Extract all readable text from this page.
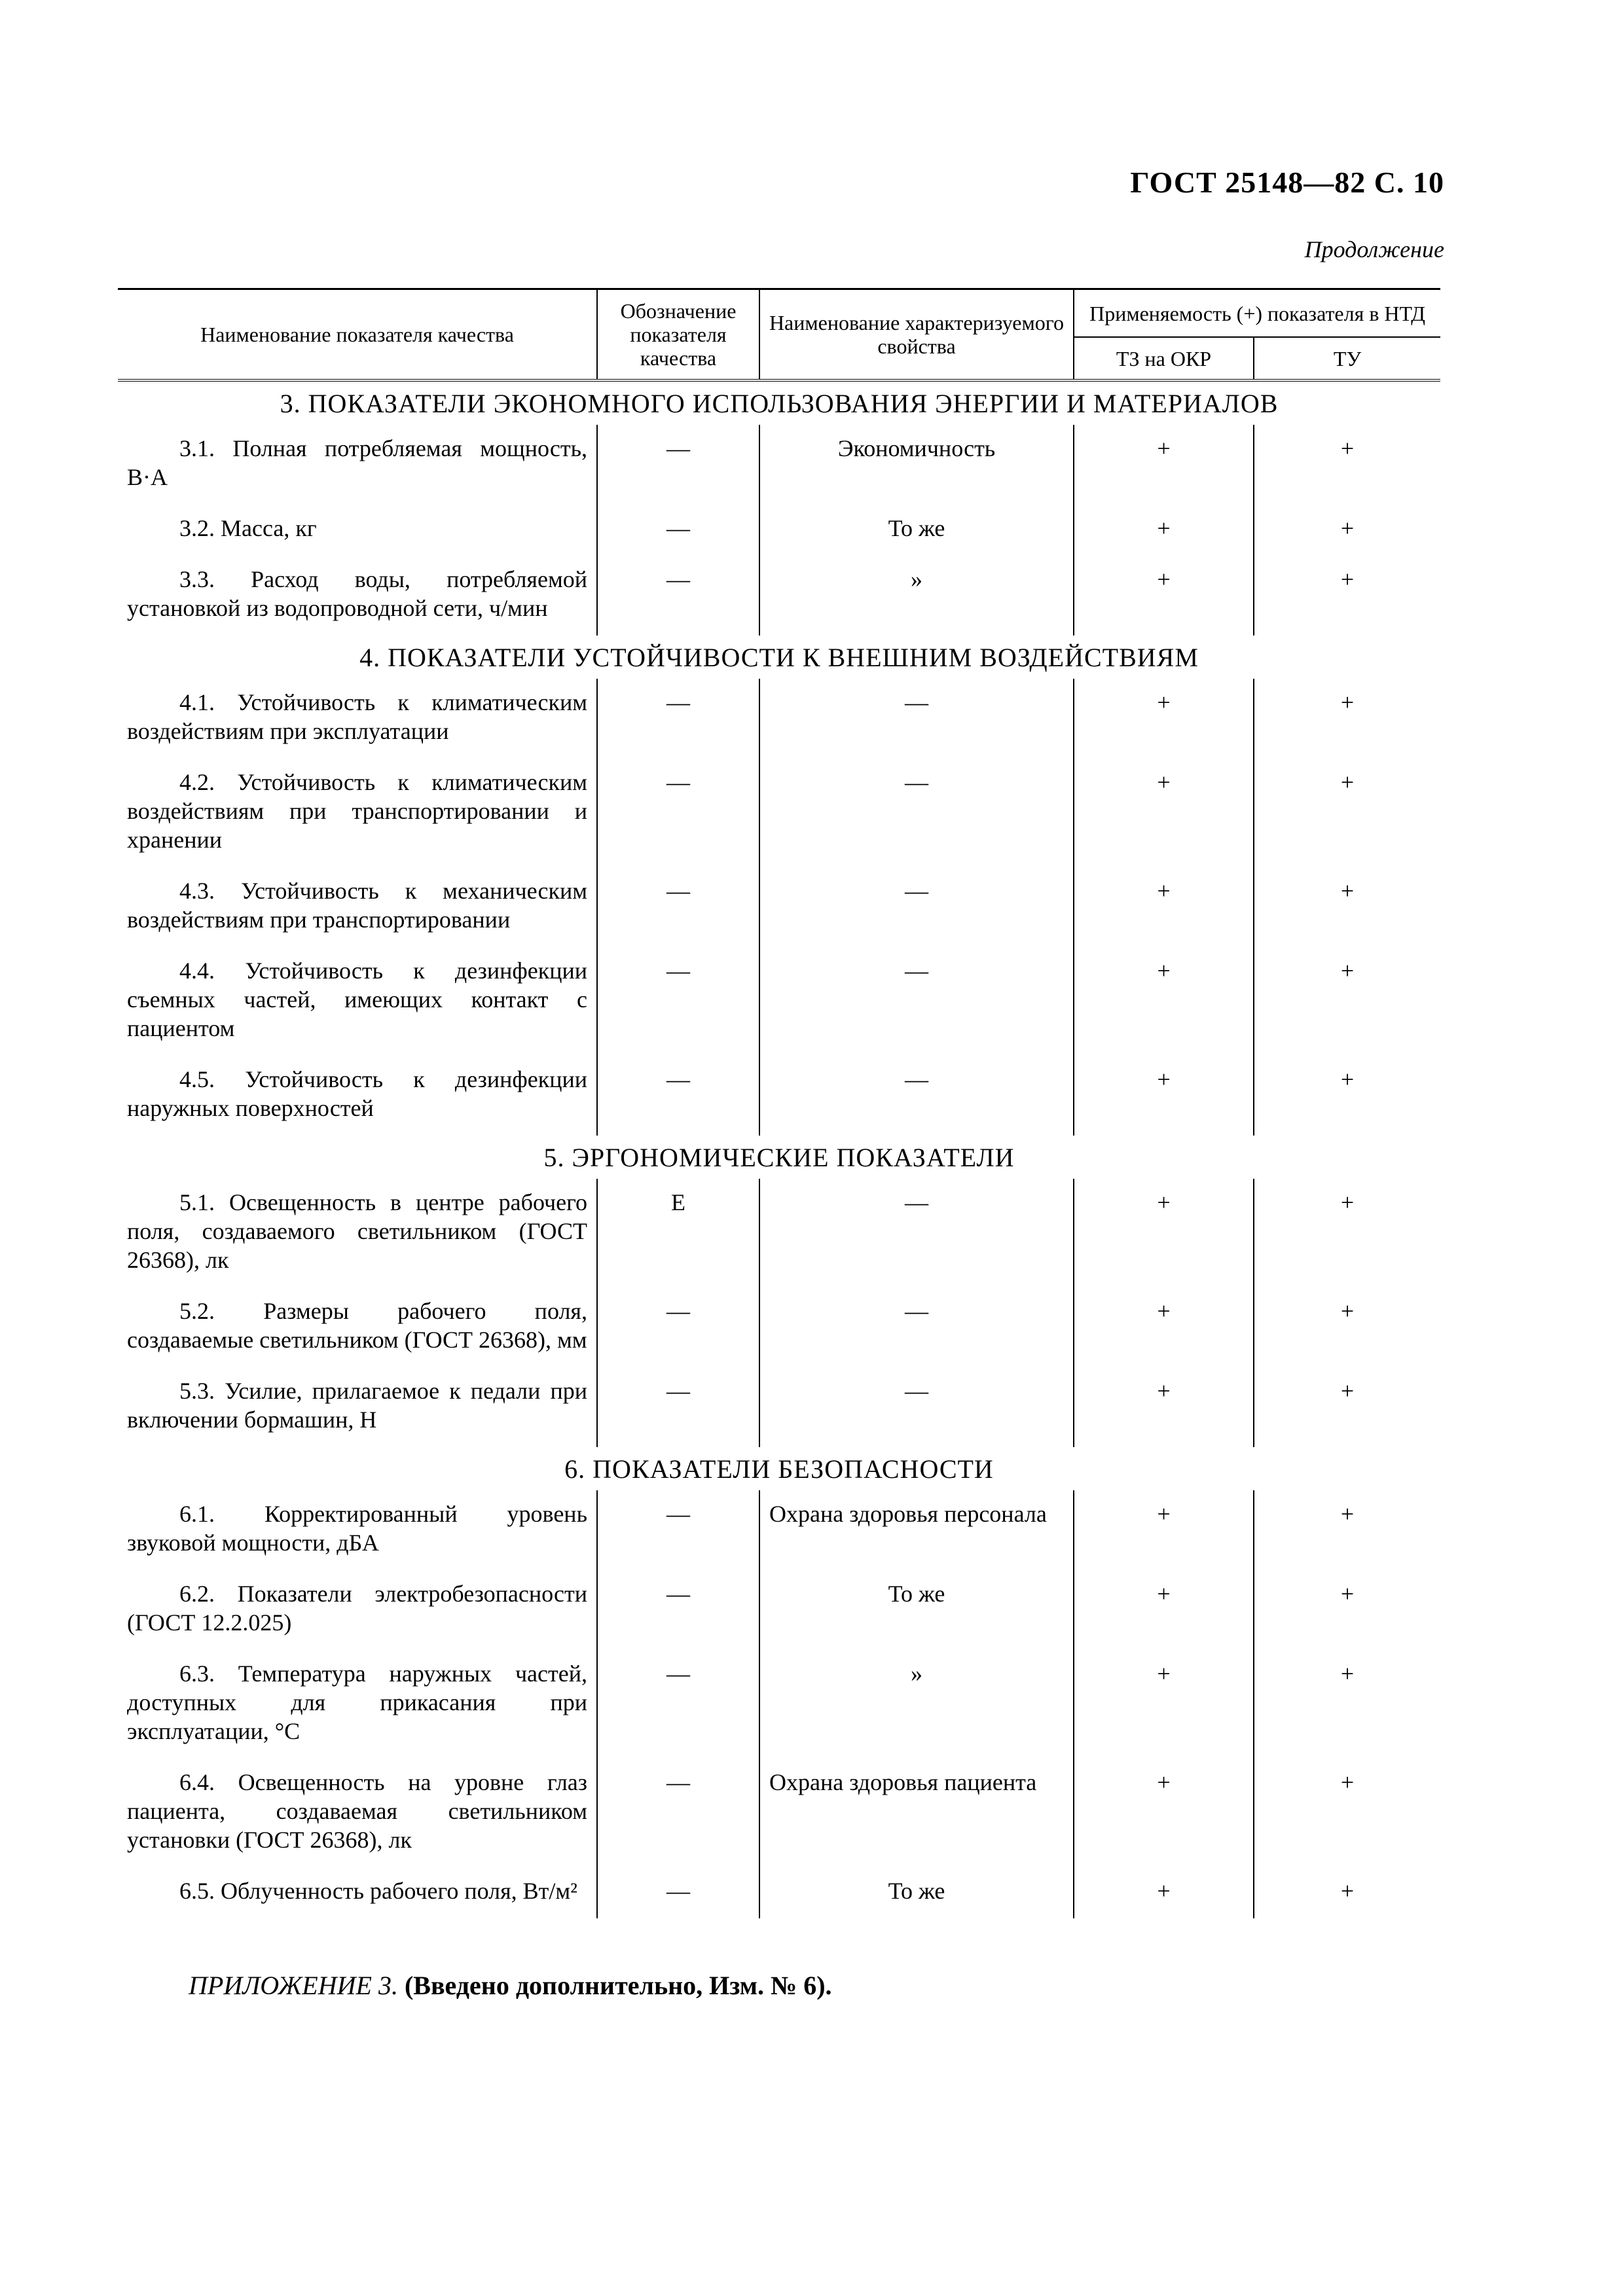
ГОСТ 25148—82 С. 10
Продолжение
Наименование показателя качества	Обозначение показателя качества	Наименование характеризуемого свойства	Применяемость (+) показателя в НТД	
			ТЗ на ОКР	ТУ
3. ПОКАЗАТЕЛИ ЭКОНОМНОГО ИСПОЛЬЗОВАНИЯ ЭНЕРГИИ И МАТЕРИАЛОВ				

3.1. Полная потребляемая мощность, В·А	—	Экономичность	+	+

3.2. Масса, кг	—	То же	+	+

3.3. Расход воды, потребляемой установкой из водопроводной сети, ч/мин	—	»	+	+
4. ПОКАЗАТЕЛИ УСТОЙЧИВОСТИ К ВНЕШНИМ ВОЗДЕЙСТВИЯМ				

4.1. Устойчивость к климатическим воздействиям при эксплуатации	—	—	+	+

4.2. Устойчивость к климатическим воздействиям при транспортировании и хранении	—	—	+	+

4.3. Устойчивость к механическим воздействиям при транспортировании	—	—	+	+

4.4. Устойчивость к дезинфекции съемных частей, имеющих контакт с пациентом	—	—	+	+

4.5. Устойчивость к дезинфекции наружных поверхностей	—	—	+	+
5. ЭРГОНОМИЧЕСКИЕ ПОКАЗАТЕЛИ				

5.1. Освещенность в центре рабочего поля, создаваемого светильником (ГОСТ 26368), лк	E	—	+	+

5.2. Размеры рабочего поля, создаваемые светильником (ГОСТ 26368), мм	—	—	+	+

5.3. Усилие, прилагаемое к педали при включении бормашин, Н	—	—	+	+
6. ПОКАЗАТЕЛИ БЕЗОПАСНОСТИ				

6.1. Корректированный уровень звуковой мощности, дБА	—	Охрана здоровья персонала	+	+

6.2. Показатели электробезопасности (ГОСТ 12.2.025)	—	То же	+	+

6.3. Температура наружных частей, доступных для прикасания при эксплуатации, °С	—	»	+	+

6.4. Освещенность на уровне глаз пациента, создаваемая светильником установки (ГОСТ 26368), лк	—	Охрана здоровья пациента	+	+

6.5. Облученность рабочего поля, Вт/м²	—	То же	+	+
ПРИЛОЖЕНИЕ 3. (Введено дополнительно, Изм. № 6).
